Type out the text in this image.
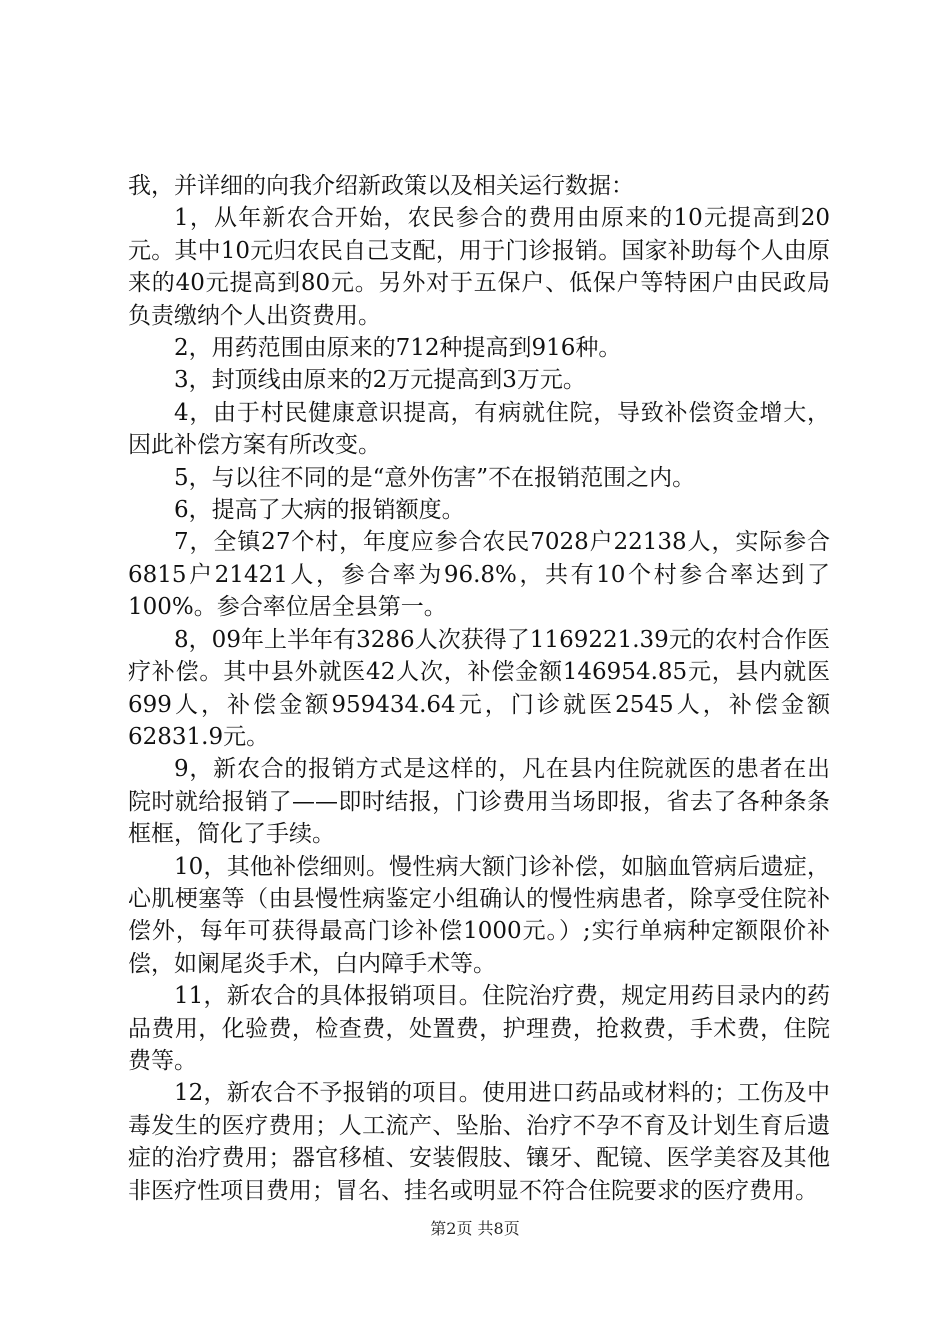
我，并详细的向我介绍新政策以及相关运行数据：

1，从年新农合开始，农民参合的费用由原来的10元提高到20元。其中10元归农民自己支配，用于门诊报销。国家补助每个人由原来的40元提高到80元。另外对于五保户、低保户等特困户由民政局负责缴纳个人出资费用。

2，用药范围由原来的712种提高到916种。

3，封顶线由原来的2万元提高到3万元。

4，由于村民健康意识提高，有病就住院，导致补偿资金增大，因此补偿方案有所改变。

5，与以往不同的是“意外伤害”不在报销范围之内。

6，提高了大病的报销额度。

7，全镇27个村，年度应参合农民7028户22138人，实际参合6815户21421人，参合率为96.8%，共有10个村参合率达到了100%。参合率位居全县第一。

8，09年上半年有3286人次获得了1169221.39元的农村合作医疗补偿。其中县外就医42人次，补偿金额146954.85元，县内就医699人，补偿金额959434.64元，门诊就医2545人，补偿金额62831.9元。

9，新农合的报销方式是这样的，凡在县内住院就医的患者在出院时就给报销了——即时结报，门诊费用当场即报，省去了各种条条框框，简化了手续。

10，其他补偿细则。慢性病大额门诊补偿，如脑血管病后遗症，心肌梗塞等（由县慢性病鉴定小组确认的慢性病患者，除享受住院补偿外，每年可获得最高门诊补偿1000元。）;实行单病种定额限价补偿，如阑尾炎手术，白内障手术等。

11，新农合的具体报销项目。住院治疗费，规定用药目录内的药品费用，化验费，检查费，处置费，护理费，抢救费，手术费，住院费等。

12，新农合不予报销的项目。使用进口药品或材料的；工伤及中毒发生的医疗费用；人工流产、坠胎、治疗不孕不育及计划生育后遗症的治疗费用；器官移植、安装假肢、镶牙、配镜、医学美容及其他非医疗性项目费用；冒名、挂名或明显不符合住院要求的医疗费用。

第2页 共8页
